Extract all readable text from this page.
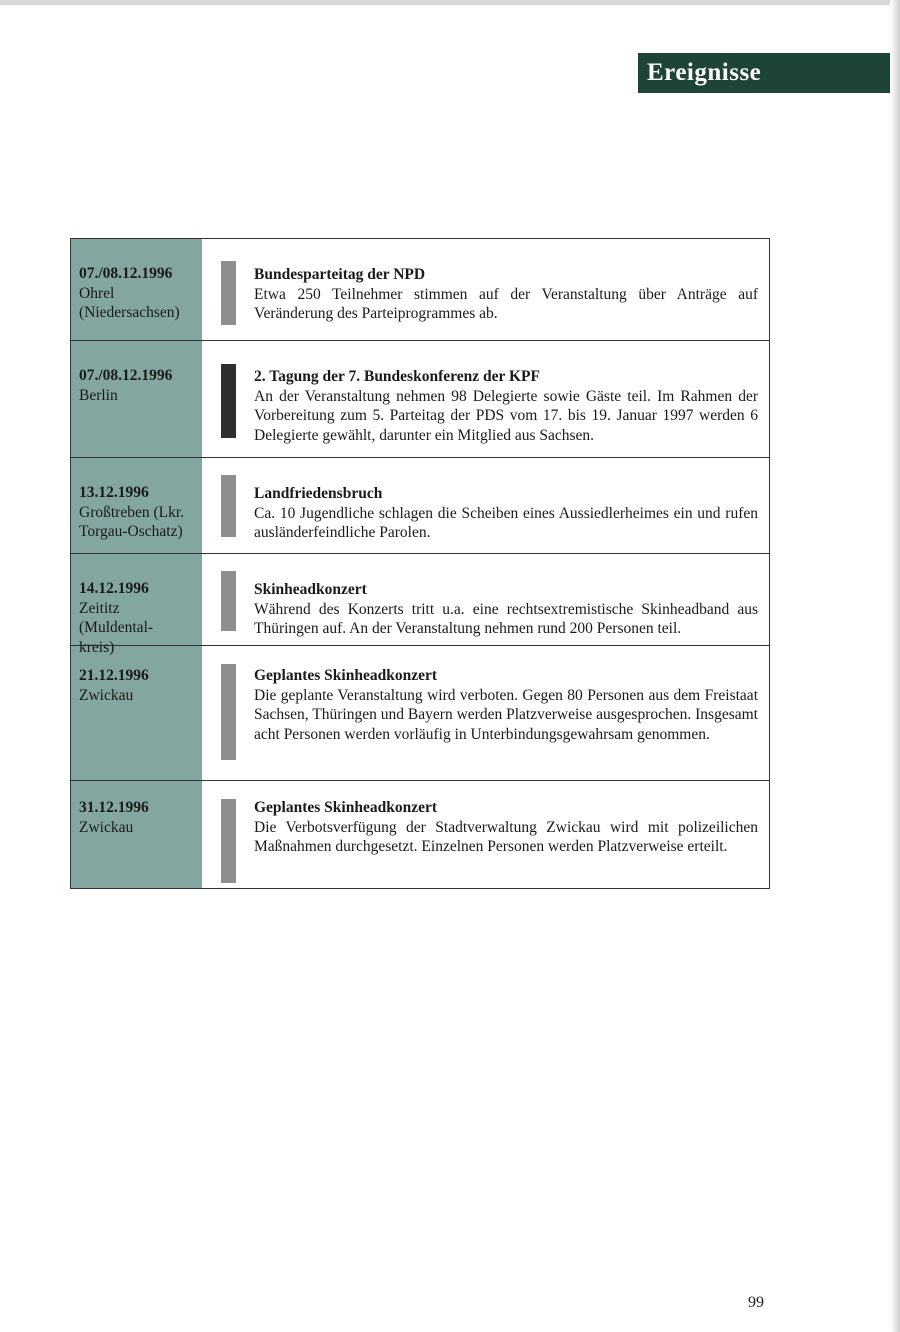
Ereignisse
07./08.12.1996
Ohrel
(Niedersachsen)
Bundesparteitag der NPD
Etwa 250 Teilnehmer stimmen auf der Veranstaltung über Anträge auf Veränderung des Parteiprogrammes ab.
07./08.12.1996
Berlin
2. Tagung der 7. Bundeskonferenz der KPF
An der Veranstaltung nehmen 98 Delegierte sowie Gäste teil. Im Rahmen der Vorbereitung zum 5. Parteitag der PDS vom 17. bis 19. Januar 1997 werden 6 Delegierte gewählt, darunter ein Mitglied aus Sachsen.
13.12.1996
Großtreben (Lkr.
Torgau-Oschatz)
Landfriedensbruch
Ca. 10 Jugendliche schlagen die Scheiben eines Aussiedlerheimes ein und rufen ausländerfeindliche Parolen.
14.12.1996
Zeititz
(Muldental-
kreis)
Skinheadkonzert
Während des Konzerts tritt u.a. eine rechtsextremistische Skinheadband aus Thüringen auf. An der Veranstaltung nehmen rund 200 Personen teil.
21.12.1996
Zwickau
Geplantes Skinheadkonzert
Die geplante Veranstaltung wird verboten. Gegen 80 Personen aus dem Freistaat Sachsen, Thüringen und Bayern werden Platzverweise ausgesprochen. Insgesamt acht Personen werden vorläufig in Unterbindungsgewahrsam genommen.
31.12.1996
Zwickau
Geplantes Skinheadkonzert
Die Verbotsverfügung der Stadtverwaltung Zwickau wird mit polizeilichen Maßnahmen durchgesetzt. Einzelnen Personen werden Platzverweise erteilt.
99
